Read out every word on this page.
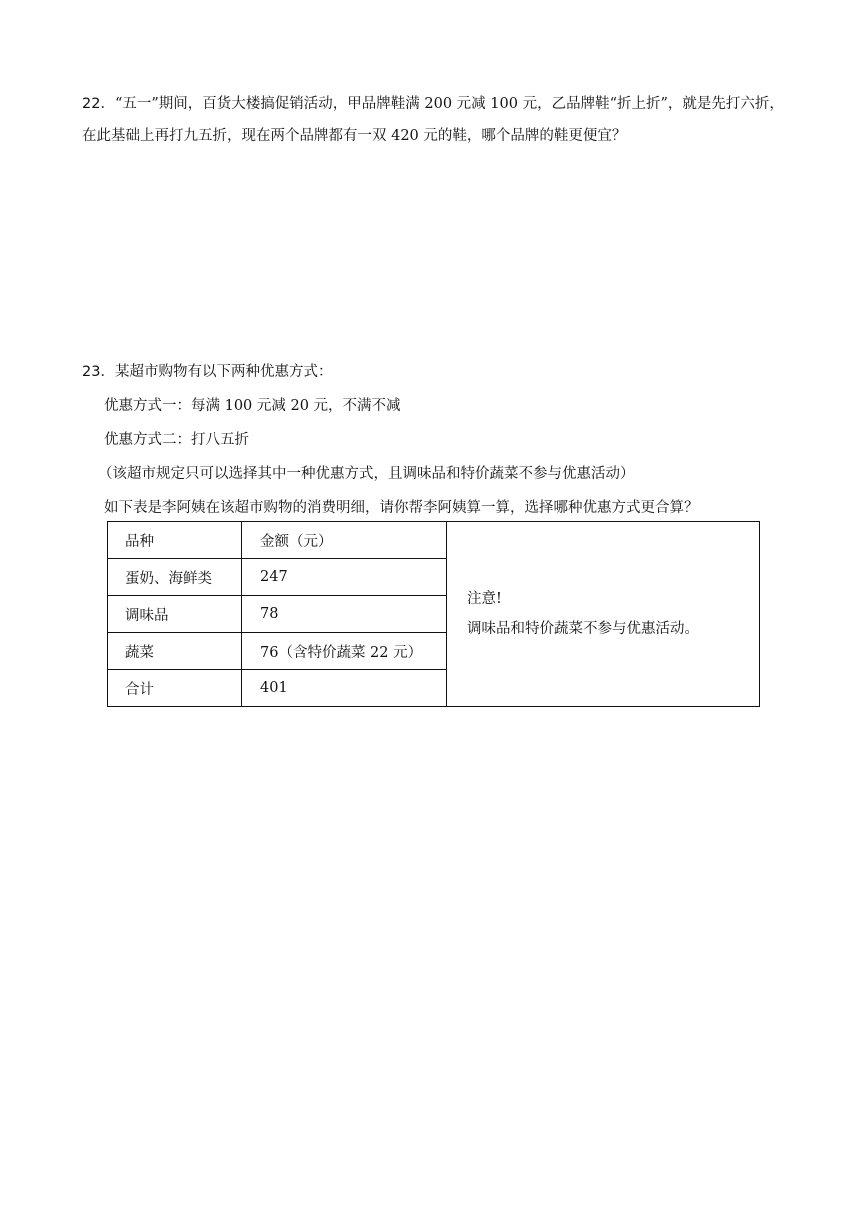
22．“五一”期间，百货大楼搞促销活动，甲品牌鞋满 200 元减 100 元，乙品牌鞋“折上折”，就是先打六折，
在此基础上再打九五折，现在两个品牌都有一双 420 元的鞋，哪个品牌的鞋更便宜？
23．某超市购物有以下两种优惠方式：
优惠方式一：每满 100 元减 20 元，不满不减
优惠方式二：打八五折
（该超市规定只可以选择其中一种优惠方式，且调味品和特价蔬菜不参与优惠活动）
如下表是李阿姨在该超市购物的消费明细，请你帮李阿姨算一算，选择哪种优惠方式更合算？
品种	金额（元）	注意!
调味品和特价蔬菜不参与优惠活动。

蛋奶、海鲜类	247	
调味品	78	
蔬菜	76（含特价蔬菜 22 元）	
合计	401	
